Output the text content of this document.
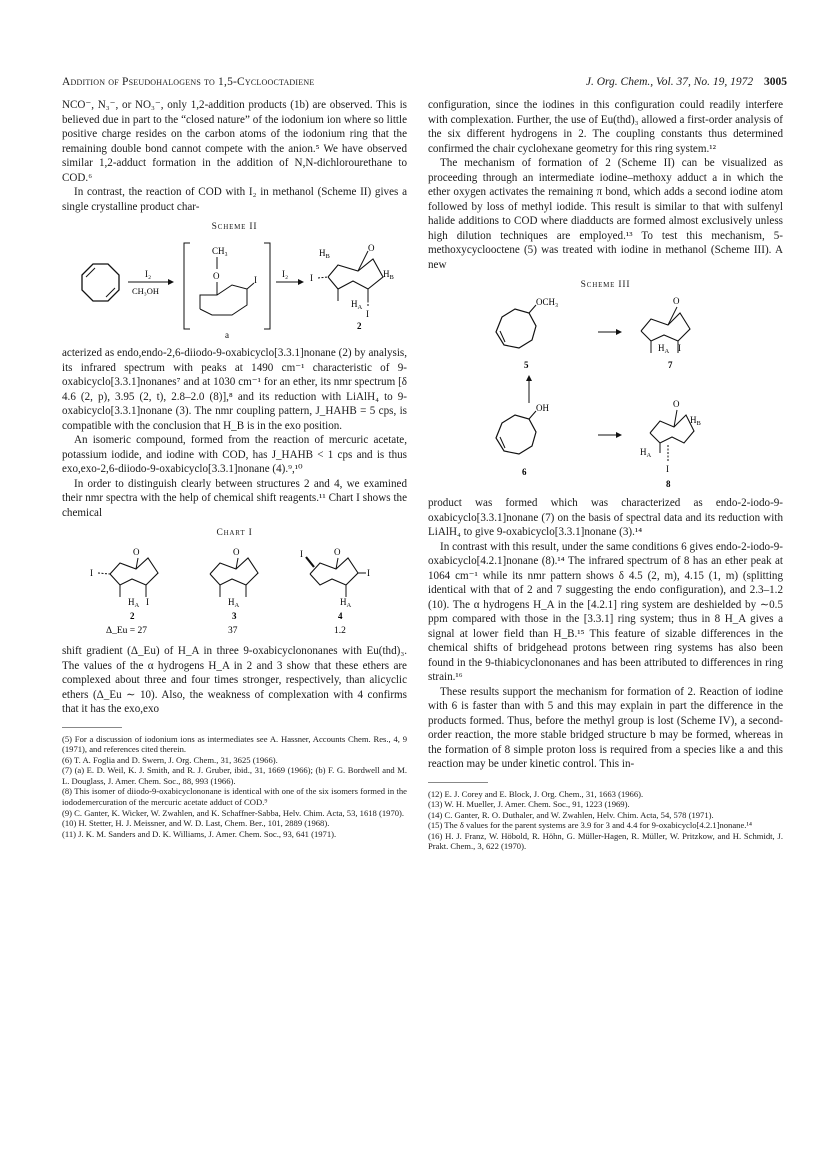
Addition of Pseudohalogens to 1,5-Cyclooctadiene	J. Org. Chem., Vol. 37, No. 19, 1972 3005

NCO⁻, N₃⁻, or NO₃⁻, only 1,2-addition products (1b) are observed. This is believed due in part to the “closed nature” of the iodonium ion where so little positive charge resides on the carbon atoms of the iodonium ring that the remaining double bond cannot compete with the anion.⁵ We have observed similar 1,2-adduct formation in the addition of N,N-dichlorourethane to COD.⁶

In contrast, the reaction of COD with I₂ in methanol (Scheme II) gives a single crystalline product char-

Scheme II
I₂
CH₃OH
CH₃
O	I
a
I₂
$H_B$
I
O
$H_B$
$H_A$
I
2

acterized as endo,endo-2,6-diiodo-9-oxabicyclo[3.3.1]nonane (2) by analysis, its infrared spectrum with peaks at 1490 cm⁻¹ characteristic of 9-oxabicyclo[3.3.1]nonanes⁷ and at 1030 cm⁻¹ for an ether, its nmr spectrum [δ 4.6 (2, p), 3.95 (2, t), 2.8–2.0 (8)],⁸ and its reduction with LiAlH₄ to 9-oxabicyclo[3.3.1]nonane (3). The nmr coupling pattern, J_HAHB = 5 cps, is compatible with the conclusion that H_B is in the exo position.

An isomeric compound, formed from the reaction of mercuric acetate, potassium iodide, and iodine with COD, has J_HAHB < 1 cps and is thus exo,exo-2,6-diiodo-9-oxabicyclo[3.3.1]nonane (4).⁹,¹⁰

In order to distinguish clearly between structures 2 and 4, we examined their nmr spectra with the help of chemical shift reagents.¹¹ Chart I shows the chemical

Chart I
O
I
$H_A$ I
2
Δ_Eu = 27
O
$H_A$
3
37
O
I
I
$H_A$
4
1.2

shift gradient (Δ_Eu) of H_A in three 9-oxabicyclononanes with Eu(thd)₃. The values of the α hydrogens H_A in 2 and 3 show that these ethers are complexed about three and four times stronger, respectively, than alicyclic ethers (Δ_Eu ∼ 10). Also, the weakness of complexation with 4 confirms that it has the exo,exo

(5) For a discussion of iodonium ions as intermediates see A. Hassner, Accounts Chem. Res., 4, 9 (1971), and references cited therein.

(6) T. A. Foglia and D. Swern, J. Org. Chem., 31, 3625 (1966).

(7) (a) E. D. Weil, K. J. Smith, and R. J. Gruber, ibid., 31, 1669 (1966); (b) F. G. Bordwell and M. L. Douglass, J. Amer. Chem. Soc., 88, 993 (1966).

(8) This isomer of diiodo-9-oxabicyclononane is identical with one of the six isomers formed in the iododemercuration of the mercuric acetate adduct of COD.⁹

(9) C. Ganter, K. Wicker, W. Zwahlen, and K. Schaffner-Sabba, Helv. Chim. Acta, 53, 1618 (1970).

(10) H. Stetter, H. J. Meissner, and W. D. Last, Chem. Ber., 101, 2889 (1968).

(11) J. K. M. Sanders and D. K. Williams, J. Amer. Chem. Soc., 93, 641 (1971).

configuration, since the iodines in this configuration could readily interfere with complexation. Further, the use of Eu(thd)₃ allowed a first-order analysis of the six different hydrogens in 2. The coupling constants thus determined confirmed the chair cyclohexane geometry for this ring system.¹²

The mechanism of formation of 2 (Scheme II) can be visualized as proceeding through an intermediate iodine–methoxy adduct a in which the ether oxygen activates the remaining π bond, which adds a second iodine atom followed by loss of methyl iodide. This result is similar to that with sulfenyl halide additions to COD where diadducts are formed almost exclusively unless high dilution techniques are employed.¹³ To test this mechanism, 5-methoxycyclooctene (5) was treated with iodine in methanol (Scheme III). A new

Scheme III
OCH₃
5
O
$H_A$ I
7
OH
6
O
$H_B$
$H_A$
I
8

product was formed which was characterized as endo-2-iodo-9-oxabicyclo[3.3.1]nonane (7) on the basis of spectral data and its reduction with LiAlH₄ to give 9-oxabicyclo[3.3.1]nonane (3).¹⁴

In contrast with this result, under the same conditions 6 gives endo-2-iodo-9-oxabicyclo[4.2.1]nonane (8).¹⁴ The infrared spectrum of 8 has an ether peak at 1064 cm⁻¹ while its nmr pattern shows δ 4.5 (2, m), 4.15 (1, m) (splitting identical with that of 2 and 7 suggesting the endo configuration), and 2.3–1.2 (10). The α hydrogens H_A in the [4.2.1] ring system are deshielded by ∼0.5 ppm compared with those in the [3.3.1] ring system; thus in 8 H_A gives a signal at lower field than H_B.¹⁵ This feature of sizable differences in the chemical shifts of bridgehead protons between ring systems has also been found in the 9-thiabicyclononanes and has been attributed to differences in ring strain.¹⁶

These results support the mechanism for formation of 2. Reaction of iodine with 6 is faster than with 5 and this may explain in part the difference in the products formed. Thus, before the methyl group is lost (Scheme IV), a second-order reaction, the more stable bridged structure b may be formed, whereas in the formation of 8 simple proton loss is required from a species like a and this reaction may be under kinetic control. This in-

(12) E. J. Corey and E. Block, J. Org. Chem., 31, 1663 (1966).

(13) W. H. Mueller, J. Amer. Chem. Soc., 91, 1223 (1969).

(14) C. Ganter, R. O. Duthaler, and W. Zwahlen, Helv. Chim. Acta, 54, 578 (1971).

(15) The δ values for the parent systems are 3.9 for 3 and 4.4 for 9-oxabicyclo[4.2.1]nonane.¹⁴

(16) H. J. Franz, W. Höbold, R. Höhn, G. Müller-Hagen, R. Müller, W. Pritzkow, and H. Schmidt, J. Prakt. Chem., 3, 622 (1970).
